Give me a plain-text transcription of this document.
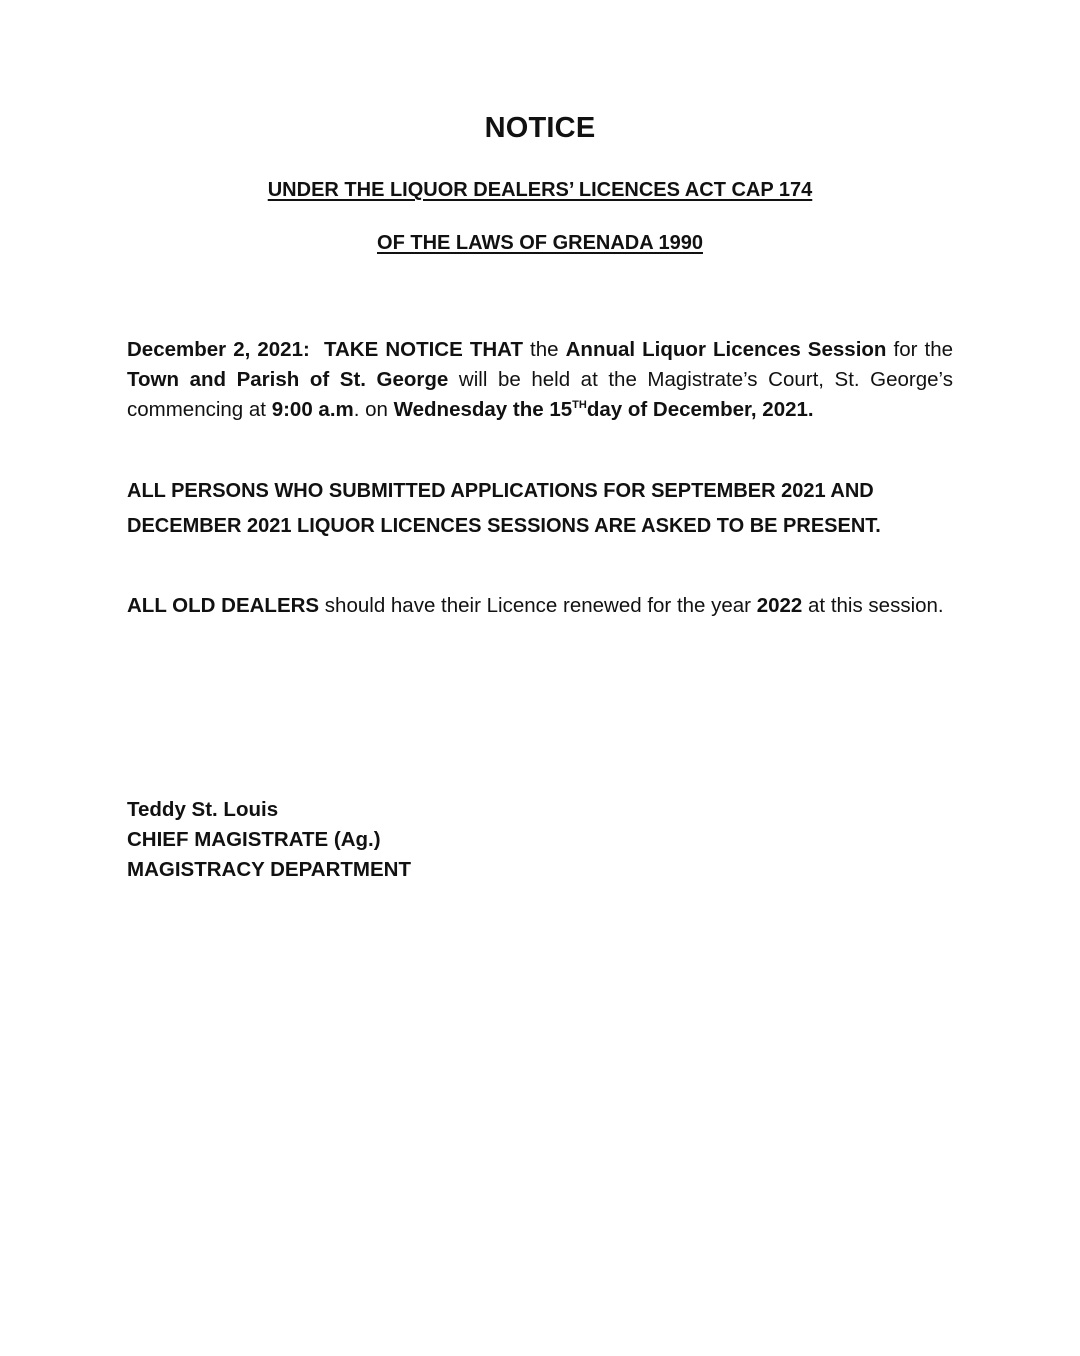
NOTICE
UNDER THE LIQUOR DEALERS’ LICENCES ACT CAP 174
OF THE LAWS OF GRENADA 1990
December 2, 2021: TAKE NOTICE THAT the Annual Liquor Licences Session for the Town and Parish of St. George will be held at the Magistrate’s Court, St. George’s commencing at 9:00 a.m. on Wednesday the 15THday of December, 2021.
ALL PERSONS WHO SUBMITTED APPLICATIONS FOR SEPTEMBER 2021 AND DECEMBER 2021 LIQUOR LICENCES SESSIONS ARE ASKED TO BE PRESENT.
ALL OLD DEALERS should have their Licence renewed for the year 2022 at this session.
Teddy St. Louis
CHIEF MAGISTRATE (Ag.)
MAGISTRACY DEPARTMENT
